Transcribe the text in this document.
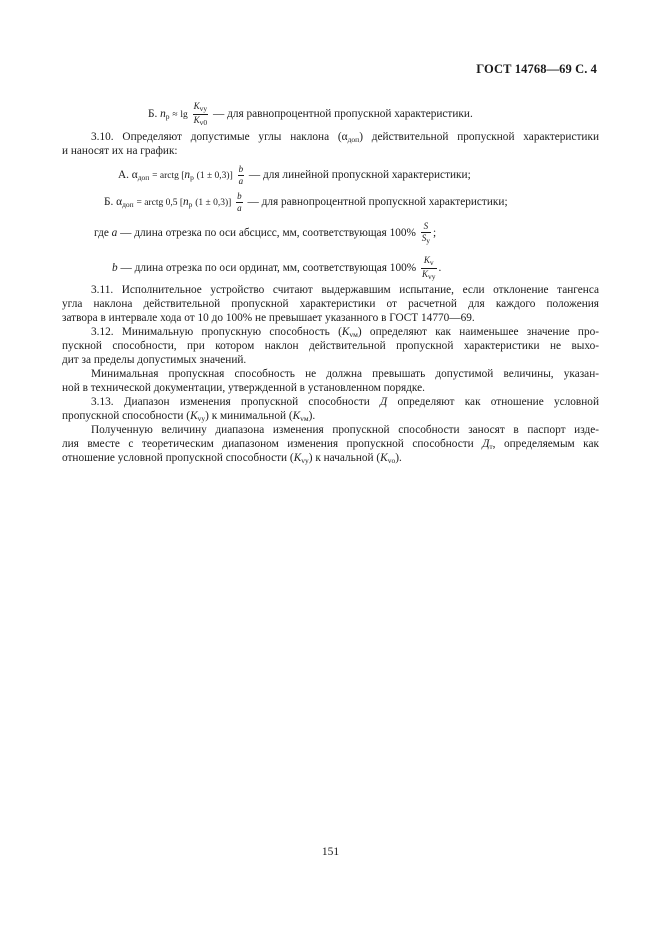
ГОСТ 14768—69 С. 4
Б. $n_р \approx \lg \frac{K_{vy}}{K_{v0}}$ — для равнопроцентной пропускной характеристики.
3.10. Определяют допустимые углы наклона $(\alpha_{доп})$ действительной пропускной характеристики
и наносят их на график:
А. $\alpha_{доп}$ = arctg [$n_p$ $(1 \pm 0,3)] \frac{b}{a}$ — для линейной пропускной характеристики;
Б. $\alpha_{доп}$ = arctg 0,5 [$n_p$ $(1 \pm 0,3)] \frac{b}{a}$ — для равнопроцентной пропускной характеристики;
где a — длина отрезка по оси абсцисс, мм, соответствующая $100\% \frac{S}{S_y}$ ;
b — длина отрезка по оси ординат, мм, соответствующая $100\% \frac{K_v}{K_{vy}}$ .
3.11. Исполнительное устройство считают выдержавшим испытание, если отклонение тангенса
угла наклона действительной пропускной характеристики от расчетной для каждого положения
затвора в интервале хода от 10 до 100% не превышает указанного в ГОСТ 14770—69.
3.12. Минимальную пропускную способность $(K_{vм})$ определяют как наименьшее значение про-
пускной способности, при котором наклон действительной пропускной характеристики не выхо-
дит за пределы допустимых значений.
Минимальная пропускная способность не должна превышать допустимой величины, указан-
ной в технической документации, утвержденной в установленном порядке.
3.13. Диапазон изменения пропускной способности Д определяют как отношение условной
пропускной способности $(K_{vy})$ к минимальной $(K_{vм})$.
Полученную величину диапазона изменения пропускной способности заносят в паспорт изде-
лия вместе с теоретическим диапазоном изменения пропускной способности $Д_т$, определяемым как
отношение условной пропускной способности $(K_{vy})$ к начальной $(K_{vo})$.
151
